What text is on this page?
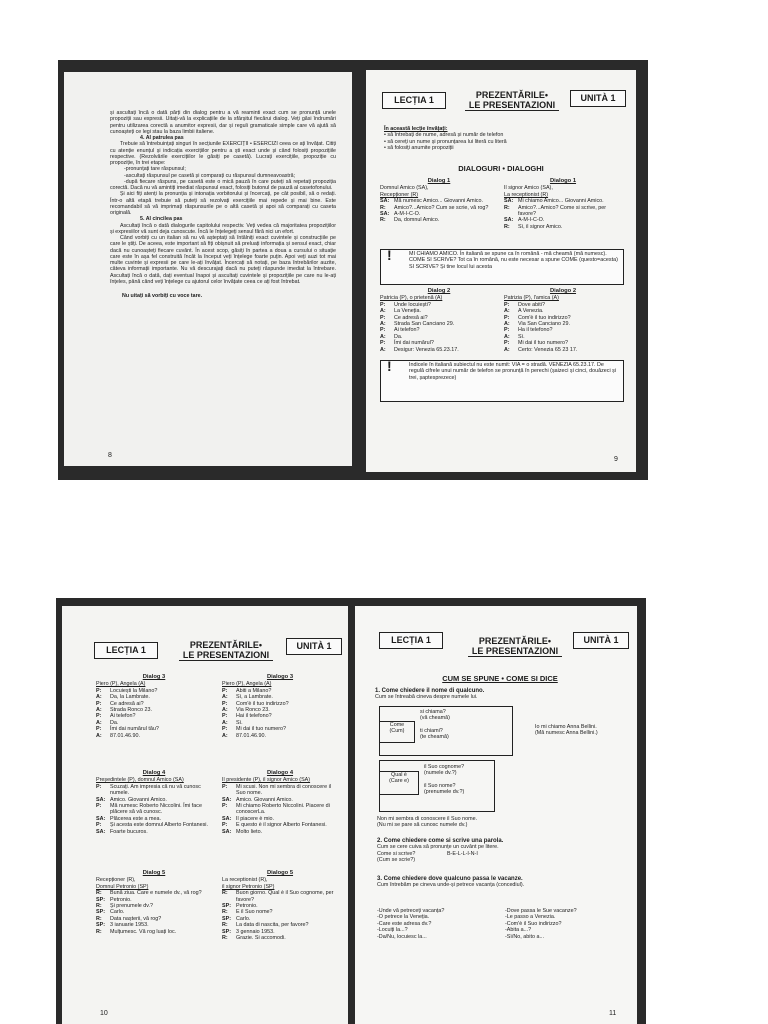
și ascultați încă o dată părți din dialog pentru a vă reaminti exact cum se pronunță unele propoziții sau expresii. Uitați-vă la explicațiile de la sfârșitul fiecărui dialog. Veți găsi îndrumări pentru utilizarea corectă a anumitor expresii, dar și reguli gramaticale simple care vă ajută să cunoașteți ce legi stau la baza limbii italiene.

4. Al patrulea pas

Trebuie să întrebuințați singuri în secțiunile EXERCIȚII • ESERCIZI ceea ce ați învățat. Citiți cu atenție enunțul și indicația exercițiilor pentru a ști exact unde și când folosiți propozițiile respective. (Rezolvările exercițiilor le găsiți pe casetă). Lucrați exercițiile, propoziție cu propoziție, în trei etape:

-pronunțați tare răspunsul;

-ascultați răspunsul pe casetă și comparați cu răspunsul dumneavoastră;

-după fiecare răspuns, pe casetă este o mică pauză în care puteți să repetați propoziția corectă. Dacă nu vă amintiți imediat răspunsul exact, folosiți butonul de pauză al casetofonului.

Și aici fiți atenți la pronunția și intonația vorbitorului și încercați, pe cât posibil, să o redați. Într-o altă etapă trebuie să puteți să rezolvați exercițiile mai repede și mai bine. Este recomandabil să vă imprimați răspunsurile pe o altă casetă și apoi să comparați cu caseta originală.

5. Al cincilea pas

Ascultați încă o dată dialogurile capitolului respectiv. Veți vedea că majoritatea propozițiilor și expresiilor vă sunt deja cunoscute. Încă le înțelegeți sensul fără nici un efort.

Când vorbiți cu un italian să nu vă așteptați să întâlniți exact cuvintele și construcțiile pe care le știți. De aceea, este important să fiți obișnuit să preluați informația și sensul exact, chiar dacă nu cunoașteți fiecare cuvânt. În acest scop, găsiți în partea a doua a cursului o situație care este în așa fel construită încât la început veți înțelege foarte puțin. Apoi veți auzi tot mai multe cuvinte și expresii pe care le-ați învățat. Încercați să notați, pe baza întrebărilor auzite, câteva informații importante. Nu vă descurajați dacă nu puteți răspunde imediat la întrebare. Ascultați încă o dată, dați eventual înapoi și ascultați cuvintele și propozițiile pe care nu le-ați înțeles, până când veți înțelege cu ajutorul celor învățate ceea ce ați fost întrebat.

Nu uitați să vorbiți cu voce tare.

8
LECȚIA 1	PREZENTĂRILE•
LE PRESENTAZIONI
UNITÀ 1
În această lecție învățați:
• să întrebați de nume, adresă și număr de telefon
• să cereți un nume și pronunțarea lui literă cu literă
• să folosiți anumite propoziții
DIALOGURI • DIALOGHI
Dialog 1
Domnul Amico (SA),
Recepționer (R)
SA: Mă numesc Amico... Giovanni Amico.
R:	Amico?...Amico? Cum se scrie, vă rog?
SA: A-M-I-C-O.
R:	Da, domnul Amico.
Dialogo 1
Il signor Amico (SA),
La receptionist (R)
SA: Mi chiamo Amico... Giovanni Amico.
R:	Amico?...Amico? Come si scrive, per favore?
SA: A-M-I-C-O.
R:	Sì, il signor Amico.
!	MI CHIAMO AMICO. În italiană se spune ca în română - mă cheamă (mă numesc). COME SI SCRIVE? Tot ca în română, nu este necesar a spune COME (questo=acesta) SI SCRIVE? Și tine locul lui acesta
Dialog 2
Patricia (P), o prietenă (A)
P:	Unde locuiești?
A:	La Veneția.
P:	Ce adresă ai?
A:	Strada San Canciano 29.
P:	Ai telefon?
A:	Da.
P:	Îmi dai numărul?
A:	Desigur: Venezia 65.23.17.
Dialogo 2
Patrizia (P), l'amica (A)
P:	Dove abiti?
A:	A Venezia.
P:	Com'è il tuo indirizzo?
A:	Via San Canciano 29.
P:	Ha il telefono?
A:	Sì.
P:	Mi dai il tuo numero?
A:	Certo: Venezia 65 23 17.
!	Indicele în italiană subiectul nu este numit: VIA = o stradă. VENEZIA 65.23.17. De regulă cifrele unui număr de telefon se pronunță în perechi (șaizeci și cinci, douăzeci și trei, șaptesprezece)
9
LECȚIA 1	PREZENTĂRILE•
LE PRESENTAZIONI
UNITÀ 1
Dialog 3
Piero (P), Angela (A)
P:	Locuiești la Milano?
A:	Da, la Lambrate.
P:	Ce adresă ai?
A:	Strada Ronco 23.
P:	Ai telefon?
A:	Da.
P:	Îmi dai numărul tău?
A:	87.01.46.90.
Dialogo 3
Piero (P), Angela (A)
P:	Abiti a Milano?
A:	Sì, a Lambrate.
P:	Com'è il tuo indirizzo?
A:	Via Ronco 23.
P:	Hai il telefono?
A:	Sì.
P:	Mi dai il tuo numero?
A:	87.01.46.90.
Dialog 4
Președintele (P), domnul Amico (SA)
P:	Scuzați. Am impresia că nu vă cunosc numele.
SA: Amico. Giovanni Amico.
P:	Mă numesc Roberto Niccolini. Îmi face plăcere să vă cunosc.
SA: Plăcerea este a mea.
P:	Și acesta este domnul Alberto Fontanesi.
SA: Foarte bucuros.
Dialogo 4
Il presidente (P), il signor Amico (SA)
P:	Mi scusi. Non mi sembra di conoscere il Suo nome.
SA: Amico. Giovanni Amico.
P:	Mi chiamo Roberto Niccolini. Piacere di conoscerLa.
SA: Il piacere è mio.
P:	E questo è il signor Alberto Fontanesi.
SA: Molto lieto.
Dialog 5
Recepționer (R),
Domnul Petronio (SP)
R:	Bună ziua. Care e numele dv., vă rog?
SP: Petronio.
R:	Și prenumele dv.?
SP: Carlo.
R:	Data nașterii, vă rog?
SP: 3 ianuarie 1953.
R:	Mulțumesc. Vă rog luați loc.
Dialogo 5
La receptionist (R),
il signor Petronio (SP)
R:	Buon giorno. Qual è il Suo cognome, per favore?
SP: Petronio.
R:	E il Suo nome?
SP: Carlo.
R:	La data di nascita, per favore?
SP: 3 gennaio 1953.
R:	Grazie. Si accomodi.
10
LECȚIA 1	PREZENTĂRILE•
LE PRESENTAZIONI
UNITÀ 1
CUM SE SPUNE • COME SI DICE
1. Come chiedere il nome di qualcuno.
Cum se întreabă cineva despre numele lui.
Come
(Cum)
si chiama?
(vă cheamă)
ti chiami?
(te cheamă)
Io mi chiamo Anna Bellini.
(Mă numesc Anna Bellini.)
Qual è
(Care e)
il Suo cognome?
(numele dv.?)
il Suo nome?
(prenumele dv.?)
Non mi sembra di conoscere il Suo nome.
(Nu mi se pare să cunosc numele dv.)
2. Come chiedere come si scrive una parola.
Cum se cere cuiva să pronunțe un cuvânt pe litere.
Come si scrive?	B-E-L-L-I-N-I
(Cum se scrie?)
3. Come chiedere dove qualcuno passa le vacanze.
Cum întrebăm pe cineva unde-și petrece vacanța (concediul).
-Unde vă petreceți vacanța?
-O petrece la Veneția.
-Care este adresa dv.?
-Locuiți la...?
-Da/Nu, locuiesc la...
-Dove passa le Sue vacanze?
-Le passo a Venezia.
-Com'è il Suo indirizzo?
-Abita a...?
-Sì/No, abito a...
11
